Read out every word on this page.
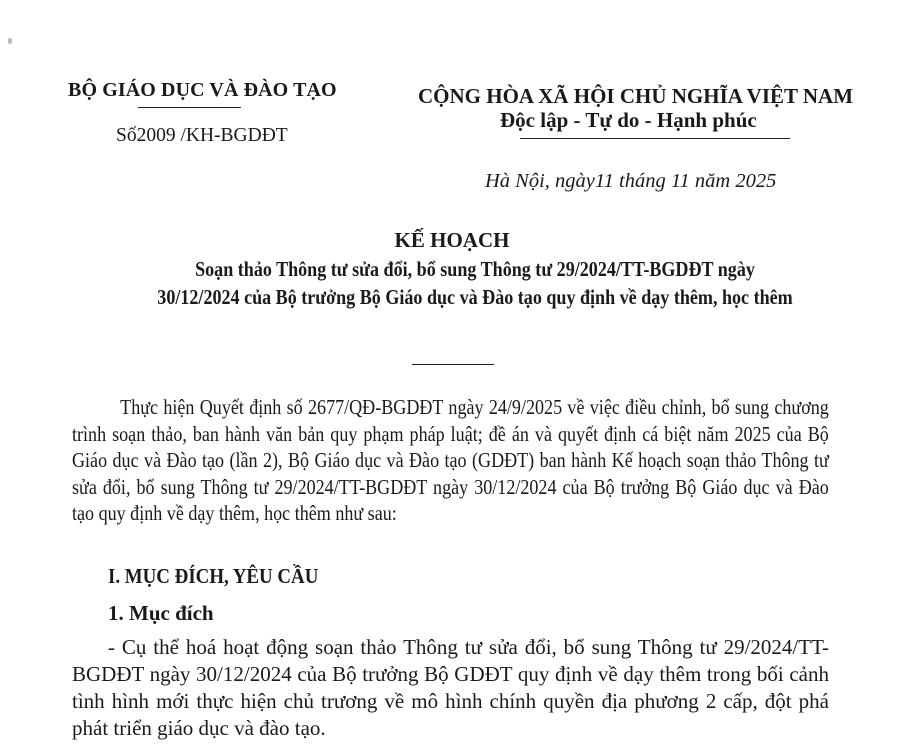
BỘ GIÁO DỤC VÀ ĐÀO TẠO
Số2009 /KH-BGDĐT
CỘNG HÒA XÃ HỘI CHỦ NGHĨA VIỆT NAM
Độc lập - Tự do - Hạnh phúc
Hà Nội, ngày11 tháng 11 năm 2025
KẾ HOẠCH
Soạn thảo Thông tư sửa đổi, bổ sung Thông tư 29/2024/TT-BGDĐT ngày 30/12/2024 của Bộ trưởng Bộ Giáo dục và Đào tạo quy định về dạy thêm, học thêm
Thực hiện Quyết định số 2677/QĐ-BGDĐT ngày 24/9/2025 về việc điều chỉnh, bổ sung chương trình soạn thảo, ban hành văn bản quy phạm pháp luật; đề án và quyết định cá biệt năm 2025 của Bộ Giáo dục và Đào tạo (lần 2), Bộ Giáo dục và Đào tạo (GDĐT) ban hành Kế hoạch soạn thảo Thông tư sửa đổi, bổ sung Thông tư 29/2024/TT-BGDĐT ngày 30/12/2024 của Bộ trưởng Bộ Giáo dục và Đào tạo quy định về dạy thêm, học thêm như sau:
I. MỤC ĐÍCH, YÊU CẦU
1. Mục đích
- Cụ thể hoá hoạt động soạn thảo Thông tư sửa đổi, bổ sung Thông tư 29/2024/TT-BGDĐT ngày 30/12/2024 của Bộ trưởng Bộ GDĐT quy định về dạy thêm trong bối cảnh tình hình mới thực hiện chủ trương về mô hình chính quyền địa phương 2 cấp, đột phá phát triển giáo dục và đào tạo.
